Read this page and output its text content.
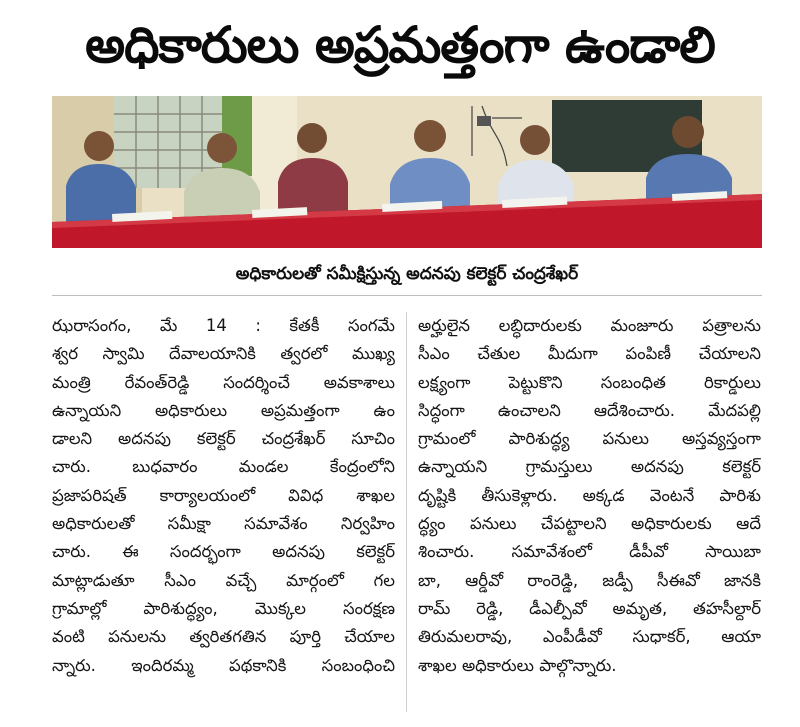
అధికారులు అప్రమత్తంగా ఉండాలి
అధికారులతో సమీక్షిస్తున్న అదనపు కలెక్టర్ చంద్రశేఖర్

ఝరాసంగం, మే 14 : కేతకీ సంగమే

శ్వర స్వామి దేవాలయానికి త్వరలో ముఖ్య

మంత్రి రేవంత్‌రెడ్డి సందర్శించే అవకాశాలు

ఉన్నాయని అధికారులు అప్రమత్తంగా ఉం

డాలని అదనపు కలెక్టర్ చంద్రశేఖర్ సూచిం

చారు. బుధవారం మండల కేంద్రంలోని

ప్రజాపరిషత్ కార్యాలయంలో వివిధ శాఖల

అధికారులతో సమీక్షా సమావేశం నిర్వహిం

చారు. ఈ సందర్భంగా అదనపు కలెక్టర్

మాట్లాడుతూ సీఎం వచ్చే మార్గంలో గల

గ్రామాల్లో పారిశుద్ధ్యం, మొక్కల సంరక్షణ

వంటి పనులను త్వరితగతిన పూర్తి చేయాల

న్నారు. ఇందిరమ్మ పథకానికి సంబంధించి

అర్హులైన లబ్ధిదారులకు మంజూరు పత్రాలను

సీఎం చేతుల మీదుగా పంపిణీ చేయాలని

లక్ష్యంగా పెట్టుకొని సంబంధిత రికార్డులు

సిద్ధంగా ఉంచాలని ఆదేశించారు. మేదపల్లి

గ్రామంలో పారిశుద్ధ్య పనులు అస్తవ్యస్తంగా

ఉన్నాయని గ్రామస్తులు అదనపు కలెక్టర్

దృష్టికి తీసుకెళ్లారు. అక్కడ వెంటనే పారిశు

ద్ధ్యం పనులు చేపట్టాలని అధికారులకు ఆదే

శించారు. సమావేశంలో డీపీవో సాయిబా

బా, ఆర్డీవో రాంరెడ్డి, జడ్పీ సీఈవో జానకి

రామ్ రెడ్డి, డీఎల్పీవో అమృత, తహసీల్దార్

తిరుమలరావు, ఎంపీడీవో సుధాకర్, ఆయా

శాఖల అధికారులు పాల్గొన్నారు.
